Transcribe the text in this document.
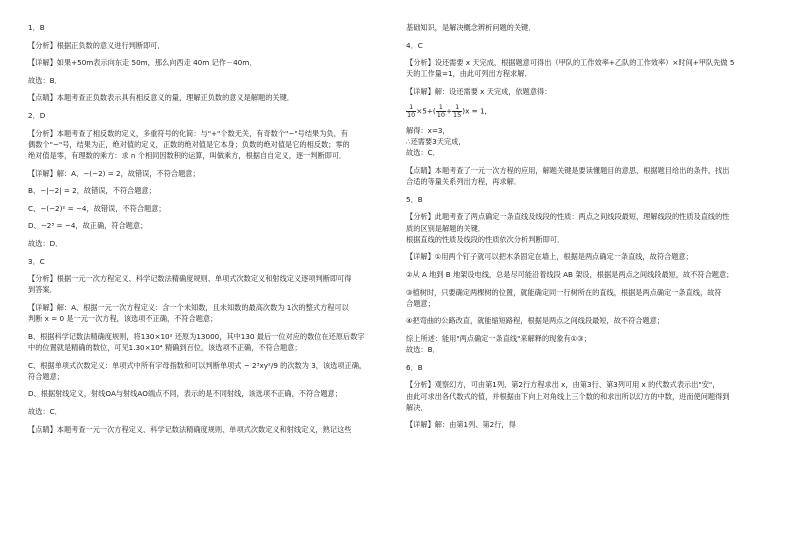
1．B

【分析】根据正负数的意义进行判断即可．

【详解】如果+50m表示向东走 50m，那么向西走 40m 记作－40m．

故选：B．

【点睛】本题考查正负数表示具有相反意义的量，理解正负数的意义是解题的关键．

2．D

【分析】本题考查了相反数的定义，多重符号的化简：与"+"个数无关，有奇数个"−"号结果为负，有

偶数个"−"号，结果为正，绝对值的定义，正数的绝对值是它本身；负数的绝对值是它的相反数；零的

绝对值是零，有理数的乘方：求 n 个相同因数积的运算，叫做乘方，根据自自定义，逐一判断即可．

【详解】解：A、−(−2) = 2，故错误，不符合题意；

B、−|−2| = 2，故错误，不符合题意；

C、−(−2)² = −4，故错误，不符合题意；

D、−2³ = −4，故正确，符合题意；

故选：D．

3．C

【分析】根据一元一次方程定义、科学记数法精确度规则、单项式次数定义和射线定义逐项判断即可得

到答案．

【详解】解：A、根据一元一次方程定义：含一个未知数，且未知数的最高次数为 1次的整式方程可以

判断 x = 0 是一元一次方程，该选项不正确，不符合题意；

B、根据科学记数法精确度规则，将130×10² 还原为13000，其中130 最后一位对应的数位在还原后数字

中的位置就是精确的数位，可见1.30×10⁴ 精确到百位，该选项不正确，不符合题意；

C、根据单项式次数定义：单项式中所有字母指数和可以判断单项式 − 2³xy²/9 的次数为 3，该选项正确，

符合题意；

D、根据射线定义，射线OA与射线AO端点不同，表示的是不同射线，该选项不正确，不符合题意；

故选：C．

【点睛】本题考查一元一次方程定义、科学记数法精确度规则、单项式次数定义和射线定义，熟记这些

基础知识，是解决概念辨析问题的关键．

4．C

【分析】设还需要 x 天完成，根据题意可得出（甲队的工作效率+乙队的工作效率）×时间+甲队先做 5

天的工作量=1，由此可列出方程求解．

【详解】解：设还需要 x 天完成，依题意得：

$\frac{1}{10} \times 5+( \frac{1}{10} + \frac{1}{15} )x = 1$，

解得：x=3，

∴还需要3天完成，

故选：C．

【点睛】本题考查了一元一次方程的应用，解题关键是要读懂题目的意思，根据题目给出的条件，找出

合适的等量关系列出方程，再求解．

5．B

【分析】此题考查了两点确定一条直线及线段的性质：两点之间线段最短，理解线段的性质及直线的性

质的区别是解题的关键．

根据直线的性质及线段的性质依次分析判断即可．

【详解】①用两个钉子就可以把木条固定在墙上，根据是两点确定一条直线，故符合题意；

②从 A 地到 B 地架设电线，总是尽可能沿着线段 AB 架设，根据是两点之间线段最短，故不符合题意；

③植树时，只要确定两棵树的位置，就能确定同一行树所在的直线，根据是两点确定一条直线，故符

合题意；

④把弯曲的公路改直，就能缩短路程，根据是两点之间线段最短，故不符合题意；

综上所述：能用"两点确定一条直线"来解释的现象有①③；

故选：B．

6．B

【分析】观察幻方，可由第1列、第2行方程求出 x，由第3行、第3列可用 x 的代数式表示出"安"，

由此可求出各代数式的值，并根据由下向上对角线上三个数的和求出所以幻方的中数，进而使问题得到

解决．

【详解】解：由第1列、第2行，得
